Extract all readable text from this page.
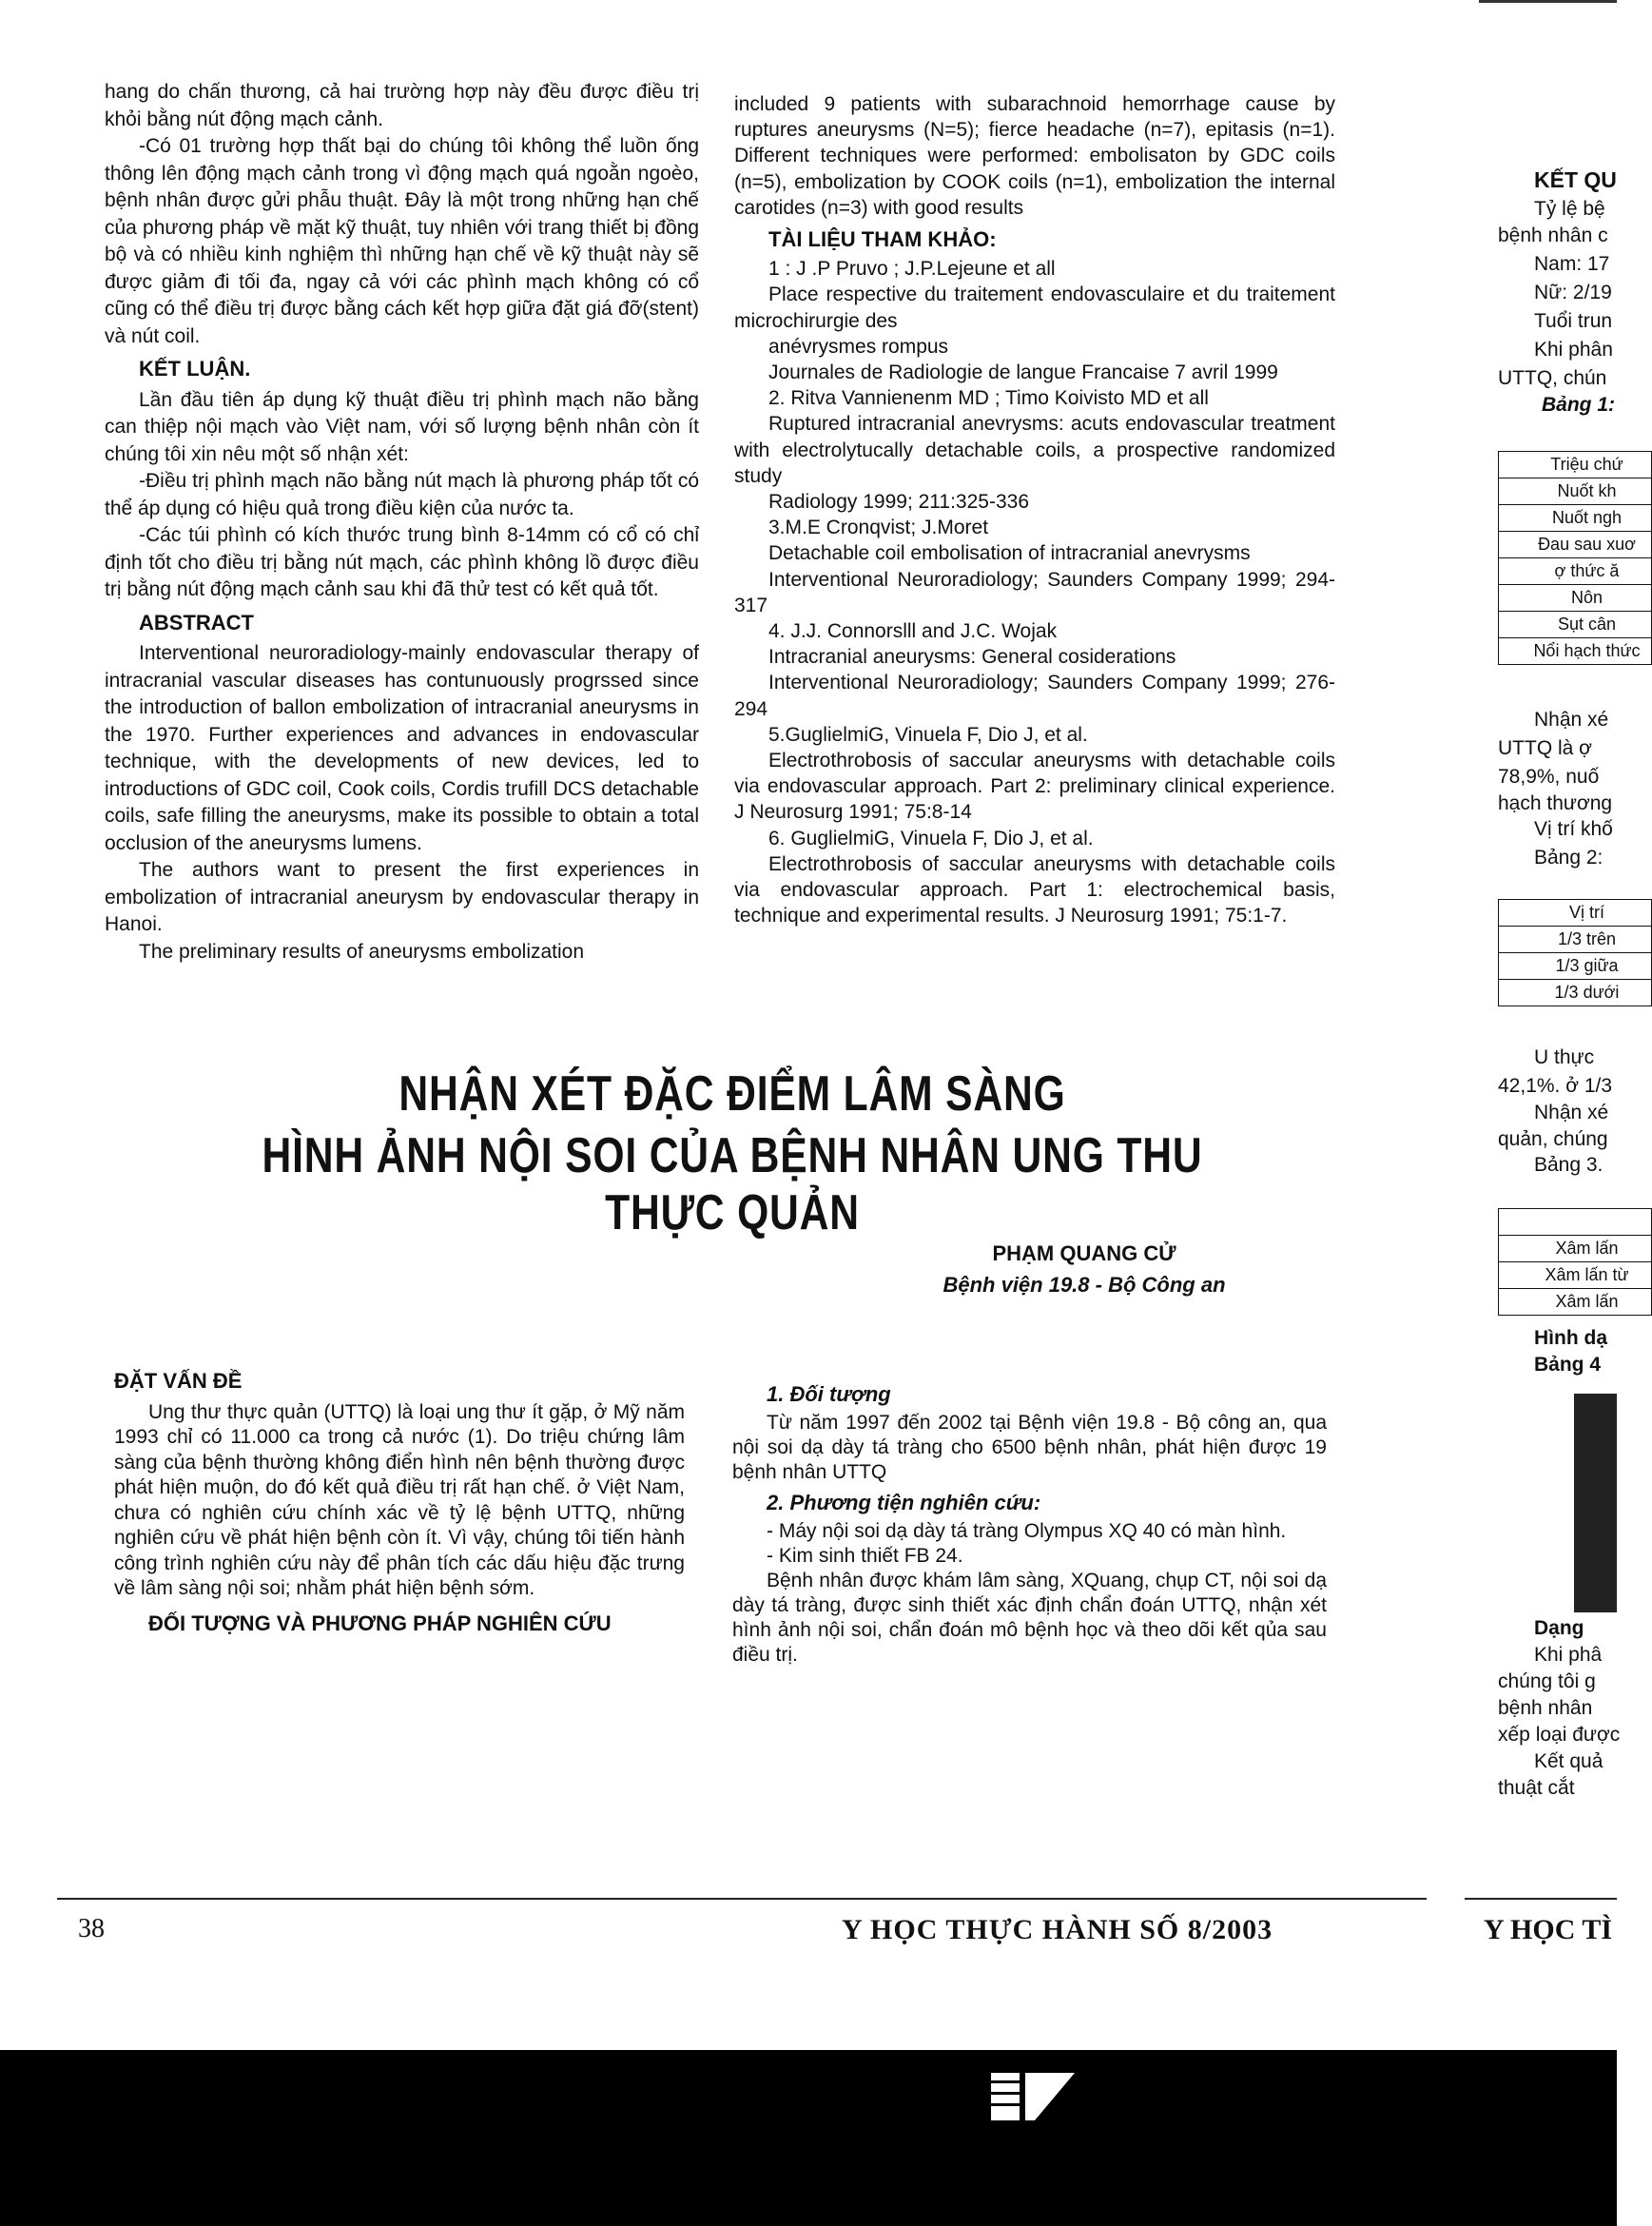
hang do chấn thương, cả hai trường hợp này đều được điều trị khỏi bằng nút động mạch cảnh.

-Có 01 trường hợp thất bại do chúng tôi không thể luồn ống thông lên động mạch cảnh trong vì động mạch quá ngoằn ngoèo, bệnh nhân được gửi phẫu thuật. Đây là một trong những hạn chế của phương pháp về mặt kỹ thuật, tuy nhiên với trang thiết bị đồng bộ và có nhiều kinh nghiệm thì những hạn chế về kỹ thuật này sẽ được giảm đi tối đa, ngay cả với các phình mạch không có cổ cũng có thể điều trị được bằng cách kết hợp giữa đặt giá đỡ(stent) và nút coil.

KẾT LUẬN.

Lần đầu tiên áp dụng kỹ thuật điều trị phình mạch não bằng can thiệp nội mạch vào Việt nam, với số lượng bệnh nhân còn ít chúng tôi xin nêu một số nhận xét:

-Điều trị phình mạch não bằng nút mạch là phương pháp tốt có thể áp dụng có hiệu quả trong điều kiện của nước ta.

-Các túi phình có kích thước trung bình 8-14mm có cổ có chỉ định tốt cho điều trị bằng nút mạch, các phình không lồ được điều trị bằng nút động mạch cảnh sau khi đã thử test có kết quả tốt.

ABSTRACT

Interventional neuroradiology-mainly endovascular therapy of intracranial vascular diseases has contunuously progrssed since the introduction of ballon embolization of intracranial aneurysms in the 1970. Further experiences and advances in endovascular technique, with the developments of new devices, led to introductions of GDC coil, Cook coils, Cordis trufill DCS detachable coils, safe filling the aneurysms, make its possible to obtain a total occlusion of the aneurysms lumens.

The authors want to present the first experiences in embolization of intracranial aneurysm by endovascular therapy in Hanoi.

The preliminary results of aneurysms embolization

included 9 patients with subarachnoid hemorrhage cause by ruptures aneurysms (N=5); fierce headache (n=7), epitasis (n=1). Different techniques were performed: embolisaton by GDC coils (n=5), embolization by COOK coils (n=1), embolization the internal carotides (n=3) with good results

TÀI LIỆU THAM KHẢO:

1 : J .P Pruvo ; J.P.Lejeune et all

Place respective du traitement endovasculaire et du traitement microchirurgie des

anévrysmes rompus

Journales de Radiologie de langue Francaise 7 avril 1999

2. Ritva Vannienenm MD ; Timo Koivisto MD et all

Ruptured intracranial anevrysms: acuts endovascular treatment with electrolytucally detachable coils, a prospective randomized study

Radiology 1999; 211:325-336

3.M.E Cronqvist; J.Moret

Detachable coil embolisation of intracranial anevrysms

Interventional Neuroradiology; Saunders Company 1999; 294-317

4. J.J. Connorslll and J.C. Wojak

Intracranial aneurysms: General cosiderations

Interventional Neuroradiology; Saunders Company 1999; 276-294

5.GuglielmiG, Vinuela F, Dio J, et al.

Electrothrobosis of saccular aneurysms with detachable coils via endovascular approach. Part 2: preliminary clinical experience. J Neurosurg 1991; 75:8-14

6. GuglielmiG, Vinuela F, Dio J, et al.

Electrothrobosis of saccular aneurysms with detachable coils via endovascular approach. Part 1: electrochemical basis, technique and experimental results. J Neurosurg 1991; 75:1-7.

NHẬN XÉT ĐẶC ĐIỂM LÂM SÀNG
HÌNH ẢNH NỘI SOI CỦA BỆNH NHÂN UNG THU THỰC QUẢN
PHẠM QUANG CỬ
Bệnh viện 19.8 - Bộ Công an
ĐẶT VẤN ĐỀ

Ung thư thực quản (UTTQ) là loại ung thư ít gặp, ở Mỹ năm 1993 chỉ có 11.000 ca trong cả nước (1). Do triệu chứng lâm sàng của bệnh thường không điển hình nên bệnh thường được phát hiện muộn, do đó kết quả điều trị rất hạn chế. ở Việt Nam, chưa có nghiên cứu chính xác về tỷ lệ bệnh UTTQ, những nghiên cứu về phát hiện bệnh còn ít. Vì vậy, chúng tôi tiến hành công trình nghiên cứu này để phân tích các dấu hiệu đặc trưng về lâm sàng nội soi; nhằm phát hiện bệnh sớm.

ĐỐI TƯỢNG VÀ PHƯƠNG PHÁP NGHIÊN CỨU
1. Đối tượng

Từ năm 1997 đến 2002 tại Bệnh viện 19.8 - Bộ công an, qua nội soi dạ dày tá tràng cho 6500 bệnh nhân, phát hiện được 19 bệnh nhân UTTQ

2. Phương tiện nghiên cứu:

- Máy nội soi dạ dày tá tràng Olympus XQ 40 có màn hình.

- Kim sinh thiết FB 24.

Bệnh nhân được khám lâm sàng, XQuang, chụp CT, nội soi dạ dày tá tràng, được sinh thiết xác định chẩn đoán UTTQ, nhận xét hình ảnh nội soi, chẩn đoán mô bệnh học và theo dõi kết qủa sau điều trị.

38	Y HỌC THỰC HÀNH SỐ 8/2003	Y HỌC TÌ
KẾT QU
Tỷ lệ bệ
bệnh nhân c
Nam: 17
Nữ: 2/19
Tuổi trun
Khi phân
UTTQ, chún
Bảng 1:
Triệu chứ
Nuốt kh
Nuốt ngh
Đau sau xuơ
ợ thức ă
Nôn
Sụt cân
Nổi hạch thức
Nhận xé
UTTQ là ợ
78,9%, nuố
hạch thương
Vị trí khố
Bảng 2:
Vị trí
1/3 trên
1/3 giữa
1/3 dưới
U thực
42,1%. ở 1/3
Nhận xé
quản, chúng
Bảng 3.
Xâm lấn
Xâm lấn từ
Xâm lấn
Hình dạ
Bảng 4
Dạng
Khi phâ
chúng tôi g
bệnh nhân
xếp loại được
Kết quả
thuật cắt
